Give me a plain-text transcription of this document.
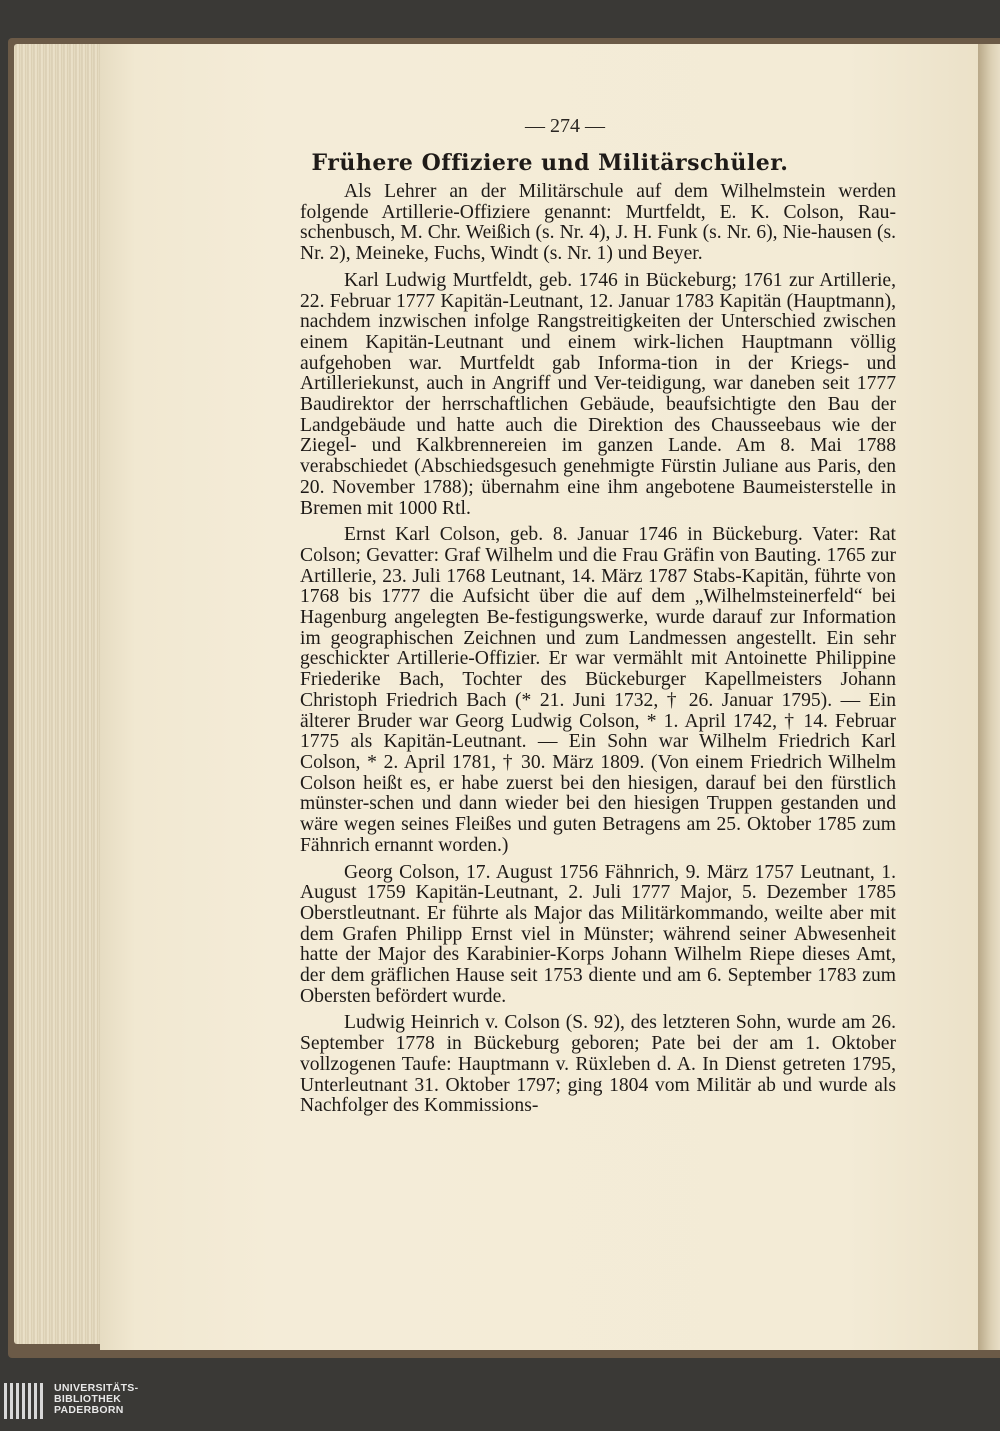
— 274 —
Frühere Offiziere und Militärschüler.

Als Lehrer an der Militärschule auf dem Wilhelmstein werden folgende Artillerie-Offiziere genannt: Murtfeldt, E. K. Colson, Rau-schenbusch, M. Chr. Weißich (s. Nr. 4), J. H. Funk (s. Nr. 6), Nie-hausen (s. Nr. 2), Meineke, Fuchs, Windt (s. Nr. 1) und Beyer.

Karl Ludwig Murtfeldt, geb. 1746 in Bückeburg; 1761 zur Artillerie, 22. Februar 1777 Kapitän-Leutnant, 12. Januar 1783 Kapitän (Hauptmann), nachdem inzwischen infolge Rangstreitigkeiten der Unterschied zwischen einem Kapitän-Leutnant und einem wirk-lichen Hauptmann völlig aufgehoben war. Murtfeldt gab Informa-tion in der Kriegs- und Artilleriekunst, auch in Angriff und Ver-teidigung, war daneben seit 1777 Baudirektor der herrschaftlichen Gebäude, beaufsichtigte den Bau der Landgebäude und hatte auch die Direktion des Chausseebaus wie der Ziegel- und Kalkbrennereien im ganzen Lande. Am 8. Mai 1788 verabschiedet (Abschiedsgesuch genehmigte Fürstin Juliane aus Paris, den 20. November 1788); übernahm eine ihm angebotene Baumeisterstelle in Bremen mit 1000 Rtl.

Ernst Karl Colson, geb. 8. Januar 1746 in Bückeburg. Vater: Rat Colson; Gevatter: Graf Wilhelm und die Frau Gräfin von Bauting. 1765 zur Artillerie, 23. Juli 1768 Leutnant, 14. März 1787 Stabs-Kapitän, führte von 1768 bis 1777 die Aufsicht über die auf dem „Wilhelmsteinerfeld“ bei Hagenburg angelegten Be-festigungswerke, wurde darauf zur Information im geographischen Zeichnen und zum Landmessen angestellt. Ein sehr geschickter Artillerie-Offizier. Er war vermählt mit Antoinette Philippine Friederike Bach, Tochter des Bückeburger Kapellmeisters Johann Christoph Friedrich Bach (* 21. Juni 1732, † 26. Januar 1795). — Ein älterer Bruder war Georg Ludwig Colson, * 1. April 1742, † 14. Februar 1775 als Kapitän-Leutnant. — Ein Sohn war Wilhelm Friedrich Karl Colson, * 2. April 1781, † 30. März 1809. (Von einem Friedrich Wilhelm Colson heißt es, er habe zuerst bei den hiesigen, darauf bei den fürstlich münster-schen und dann wieder bei den hiesigen Truppen gestanden und wäre wegen seines Fleißes und guten Betragens am 25. Oktober 1785 zum Fähnrich ernannt worden.)

Georg Colson, 17. August 1756 Fähnrich, 9. März 1757 Leutnant, 1. August 1759 Kapitän-Leutnant, 2. Juli 1777 Major, 5. Dezember 1785 Oberstleutnant. Er führte als Major das Militärkommando, weilte aber mit dem Grafen Philipp Ernst viel in Münster; während seiner Abwesenheit hatte der Major des Karabinier-Korps Johann Wilhelm Riepe dieses Amt, der dem gräflichen Hause seit 1753 diente und am 6. September 1783 zum Obersten befördert wurde.

Ludwig Heinrich v. Colson (S. 92), des letzteren Sohn, wurde am 26. September 1778 in Bückeburg geboren; Pate bei der am 1. Oktober vollzogenen Taufe: Hauptmann v. Rüxleben d. A. In Dienst getreten 1795, Unterleutnant 31. Oktober 1797; ging 1804 vom Militär ab und wurde als Nachfolger des Kommissions-

UNIVERSITÄTS-
BIBLIOTHEK
PADERBORN
